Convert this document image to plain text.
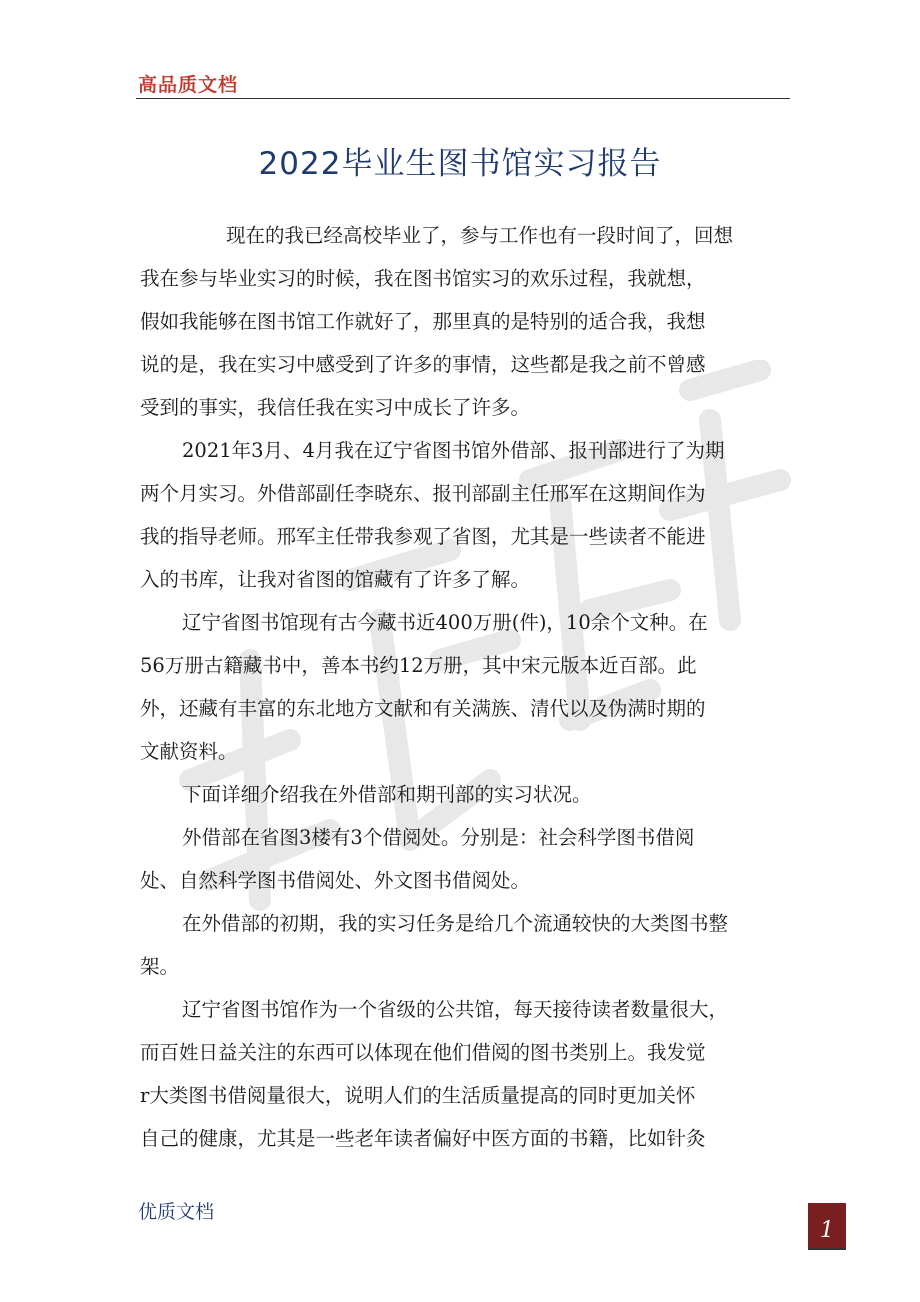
高品质文档
2022毕业生图书馆实习报告
现在的我已经高校毕业了，参与工作也有一段时间了，回想
我在参与毕业实习的时候，我在图书馆实习的欢乐过程，我就想，
假如我能够在图书馆工作就好了，那里真的是特别的适合我，我想
说的是，我在实习中感受到了许多的事情，这些都是我之前不曾感
受到的事实，我信任我在实习中成长了许多。
2021年3月、4月我在辽宁省图书馆外借部、报刊部进行了为期
两个月实习。外借部副任李晓东、报刊部副主任邢军在这期间作为
我的指导老师。邢军主任带我参观了省图，尤其是一些读者不能进
入的书库，让我对省图的馆藏有了许多了解。
辽宁省图书馆现有古今藏书近400万册(件)，10余个文种。在
56万册古籍藏书中，善本书约12万册，其中宋元版本近百部。此
外，还藏有丰富的东北地方文献和有关满族、清代以及伪满时期的
文献资料。
下面详细介绍我在外借部和期刊部的实习状况。
外借部在省图3楼有3个借阅处。分别是：社会科学图书借阅
处、自然科学图书借阅处、外文图书借阅处。
在外借部的初期，我的实习任务是给几个流通较快的大类图书整
架。
辽宁省图书馆作为一个省级的公共馆，每天接待读者数量很大，
而百姓日益关注的东西可以体现在他们借阅的图书类别上。我发觉
r大类图书借阅量很大，说明人们的生活质量提高的同时更加关怀
自己的健康，尤其是一些老年读者偏好中医方面的书籍，比如针灸
优质文档
1
